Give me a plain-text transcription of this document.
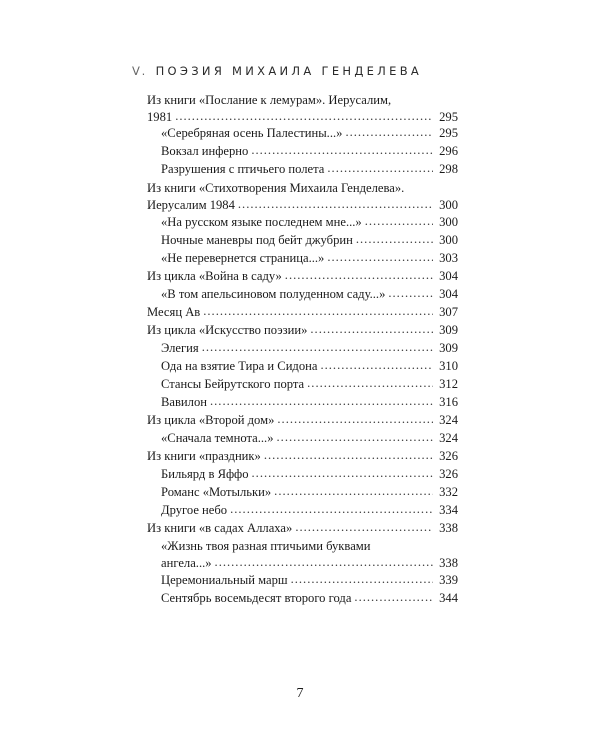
V. ПОЭЗИЯ МИХАИЛА ГЕНДЕЛЕВА
Из книги «Послание к лемурам». Иерусалим,
1981 .....	295
«Серебряная осень Палестины...» .....	295
Вокзал инферно .....	296
Разрушения с птичьего полета .....	298
Из книги «Стихотворения Михаила Генделева».
Иерусалим 1984 .....	300
«На русском языке последнем мне...» .....	300
Ночные маневры под бейт джубрин .....	300
«Не перевернется страница...» .....	303
Из цикла «Война в саду» .....	304
«В том апельсиновом полуденном саду...» .....	304
Месяц Ав .....	307
Из цикла «Искусство поэзии» .....	309
Элегия .....	309
Ода на взятие Тира и Сидона .....	310
Стансы Бейрутского порта .....	312
Вавилон .....	316
Из цикла «Второй дом» .....	324
«Сначала темнота...» .....	324
Из книги «праздник» .....	326
Бильярд в Яффо .....	326
Романс «Мотыльки» .....	332
Другое небо .....	334
Из книги «в садах Аллаха» .....	338
«Жизнь твоя разная птичьими буквами
ангела...» .....	338
Церемониальный марш .....	339
Сентябрь восемьдесят второго года .....	344
7
